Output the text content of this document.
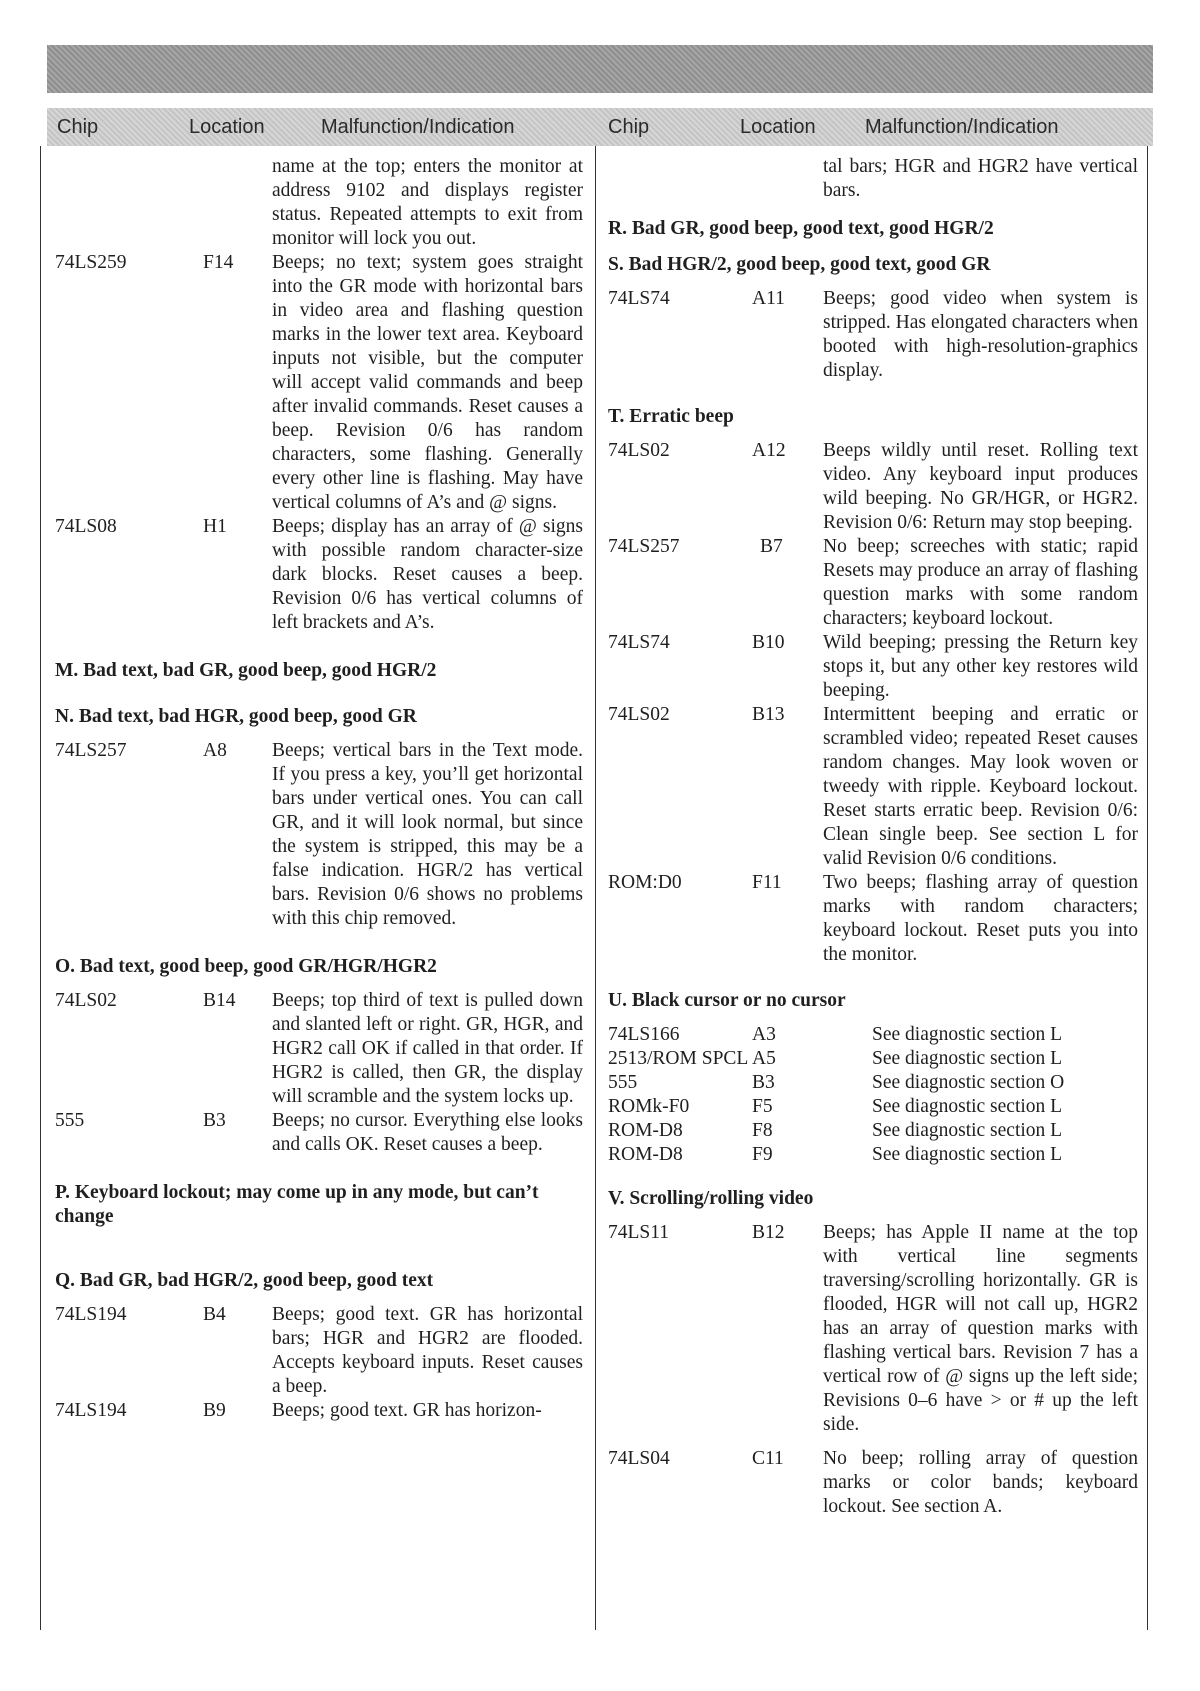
Chip	Location	Malfunction/Indication	Chip	Location Malfunction/Indication
name at the top; enters the monitor at address 9102 and displays register status. Repeated attempts to exit from monitor will lock you out.
74LS259	F14 Beeps; no text; system goes straight into the GR mode with horizontal bars in video area and flashing question marks in the lower text area. Keyboard inputs not visible, but the computer will accept valid commands and beep after invalid commands. Reset causes a beep. Revision 0/6 has random characters, some flashing. Generally every other line is flashing. May have vertical columns of A’s and @ signs.
74LS08	H1 Beeps; display has an array of @ signs with possible random character-size dark blocks. Reset causes a beep. Revision 0/6 has vertical columns of left brackets and A’s.
M. Bad text, bad GR, good beep, good HGR/2
N. Bad text, bad HGR, good beep, good GR
74LS257	A8 Beeps; vertical bars in the Text mode. If you press a key, you’ll get horizontal bars under vertical ones. You can call GR, and it will look normal, but since the system is stripped, this may be a false indication. HGR/2 has vertical bars. Revision 0/6 shows no problems with this chip removed.
O. Bad text, good beep, good GR/HGR/HGR2
74LS02	B14 Beeps; top third of text is pulled down and slanted left or right. GR, HGR, and HGR2 call OK if called in that order. If HGR2 is called, then GR, the display will scramble and the system locks up.
555	B3 Beeps; no cursor. Everything else looks and calls OK. Reset causes a beep.
P. Keyboard lockout; may come up in any mode, but can’t change
Q. Bad GR, bad HGR/2, good beep, good text
74LS194	B4 Beeps; good text. GR has horizontal bars; HGR and HGR2 are flooded. Accepts keyboard inputs. Reset causes a beep.
74LS194	B9 Beeps; good text. GR has horizon-
tal bars; HGR and HGR2 have vertical bars.
R. Bad GR, good beep, good text, good HGR/2
S. Bad HGR/2, good beep, good text, good GR
74LS74	A11 Beeps; good video when system is stripped. Has elongated characters when booted with high-resolution-graphics display.
T. Erratic beep
74LS02	A12 Beeps wildly until reset. Rolling text video. Any keyboard input produces wild beeping. No GR/HGR, or HGR2. Revision 0/6: Return may stop beeping.
74LS257	B7 No beep; screeches with static; rapid Resets may produce an array of flashing question marks with some random characters; keyboard lockout.
74LS74	B10 Wild beeping; pressing the Return key stops it, but any other key restores wild beeping.
74LS02	B13 Intermittent beeping and erratic or scrambled video; repeated Reset causes random changes. May look woven or tweedy with ripple. Keyboard lockout. Reset starts erratic beep. Revision 0/6: Clean single beep. See section L for valid Revision 0/6 conditions.
ROM:D0	F11 Two beeps; flashing array of question marks with random characters; keyboard lockout. Reset puts you into the monitor.
U. Black cursor or no cursor
74LS166	A3	See diagnostic section L
2513/ROM SPCL A5	See diagnostic section L
555	B3	See diagnostic section O
ROMk-F0	F5	See diagnostic section L
ROM-D8	F8	See diagnostic section L
ROM-D8	F9	See diagnostic section L
V. Scrolling/rolling video
74LS11	B12 Beeps; has Apple II name at the top with vertical line segments traversing/scrolling horizontally. GR is flooded, HGR will not call up, HGR2 has an array of question marks with flashing vertical bars. Revision 7 has a vertical row of @ signs up the left side; Revisions 0–6 have > or # up the left side.
74LS04	C11 No beep; rolling array of question marks or color bands; keyboard lockout. See section A.
